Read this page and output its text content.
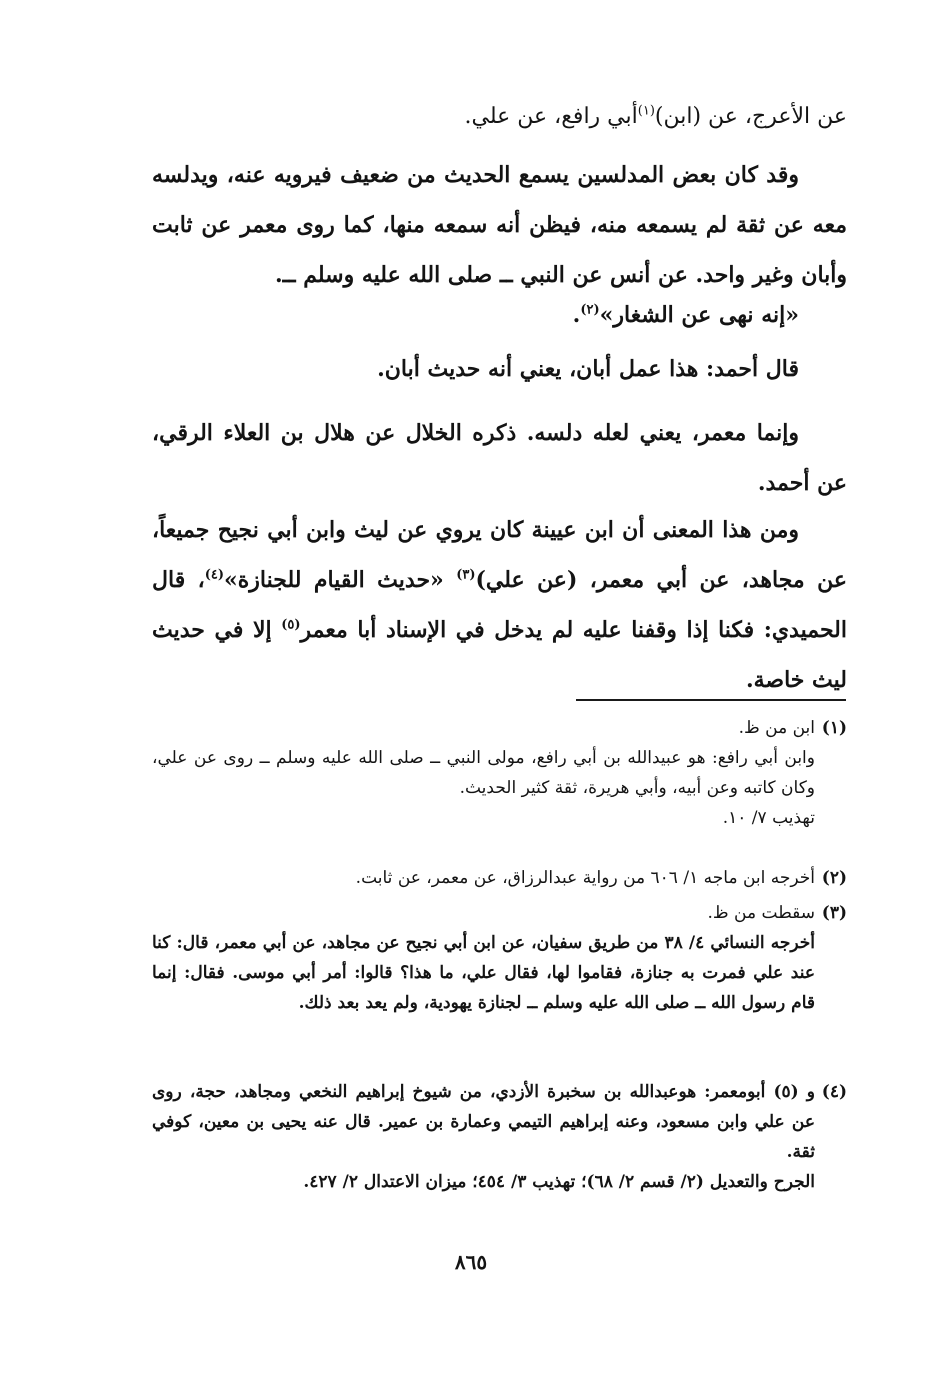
عن الأعرج، عن (ابن)$^{(١)}$أبي رافع، عن علي.
وقد كان بعض المدلسين يسمع الحديث من ضعيف فيرويه عنه، ويدلسه معه عن ثقة لم يسمعه منه، فيظن أنه سمعه منها، كما روى معمر عن ثابت وأبان وغير واحد. عن أنس عن النبي ــ صلى الله عليه وسلم ــ.
«إنه نهى عن الشغار»$^{(٢)}$.
قال أحمد: هذا عمل أبان، يعني أنه حديث أبان.
وإنما معمر، يعني لعله دلسه. ذكره الخلال عن هلال بن العلاء الرقي، عن أحمد.
ومن هذا المعنى أن ابن عيينة كان يروي عن ليث وابن أبي نجيح جميعاً، عن مجاهد، عن أبي معمر، (عن علي)$^{(٣)}$ «حديث القيام للجنازة»$^{(٤)}$، قال الحميدي: فكنا إذا وقفنا عليه لم يدخل في الإسناد أبا معمر$^{(٥)}$ إلا في حديث ليث خاصة.
(١)
ابن من ظ.
وابن أبي رافع: هو عبيدالله بن أبي رافع، مولى النبي ــ صلى الله عليه وسلم ــ روى عن علي، وكان كاتبه وعن أبيه، وأبي هريرة، ثقة كثير الحديث.
تهذيب ٧/ ١٠.
(٢)
أخرجه ابن ماجه ١/ ٦٠٦ من رواية عبدالرزاق، عن معمر، عن ثابت.
(٣)
سقطت من ظ.
أخرجه النسائي ٤/ ٣٨ من طريق سفيان، عن ابن أبي نجيح عن مجاهد، عن أبي معمر، قال: كنا عند علي فمرت به جنازة، فقاموا لها، فقال علي، ما هذا؟ قالوا: أمر أبي موسى. فقال: إنما قام رسول الله ــ صلى الله عليه وسلم ــ لجنازة يهودية، ولم يعد بعد ذلك.
(٤)
و (٥) أبومعمر: هوعبدالله بن سخبرة الأزدي، من شيوخ إبراهيم النخعي ومجاهد، حجة، روى عن علي وابن مسعود، وعنه إبراهيم التيمي وعمارة بن عمير. قال عنه يحيى بن معين، كوفي ثقة.
الجرح والتعديل (٢/ قسم ٢/ ٦٨)؛ تهذيب ٣/ ٤٥٤؛ ميزان الاعتدال ٢/ ٤٢٧.
٨٦٥
